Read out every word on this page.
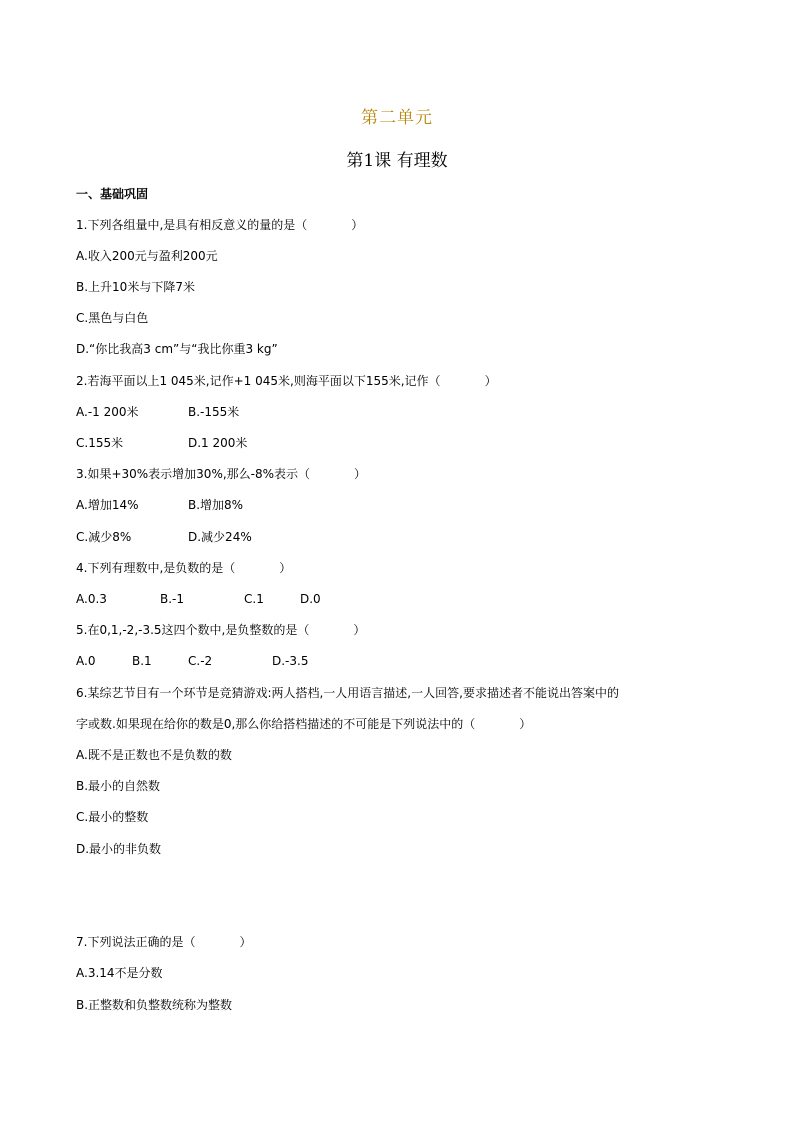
第二单元
第1课 有理数
一、基础巩固
1.下列各组量中,是具有相反意义的量的是（	）
A.收入200元与盈利200元
B.上升10米与下降7米
C.黑色与白色
D.“你比我高3 cm”与“我比你重3 kg”
2.若海平面以上1 045米,记作+1 045米,则海平面以下155米,记作（	）
A.-1 200米	B.-155米
C.155米	D.1 200米
3.如果+30%表示增加30%,那么-8%表示（	）
A.增加14%	B.增加8%
C.减少8%	D.减少24%
4.下列有理数中,是负数的是（	）
A.0.3	B.-1	C.1	D.0
5.在0,1,-2,-3.5这四个数中,是负整数的是（	）
A.0	B.1	C.-2	D.-3.5
6.某综艺节目有一个环节是竞猜游戏:两人搭档,一人用语言描述,一人回答,要求描述者不能说出答案中的
字或数.如果现在给你的数是0,那么你给搭档描述的不可能是下列说法中的（	）
A.既不是正数也不是负数的数
B.最小的自然数
C.最小的整数
D.最小的非负数
7.下列说法正确的是（	）
A.3.14不是分数
B.正整数和负整数统称为整数
